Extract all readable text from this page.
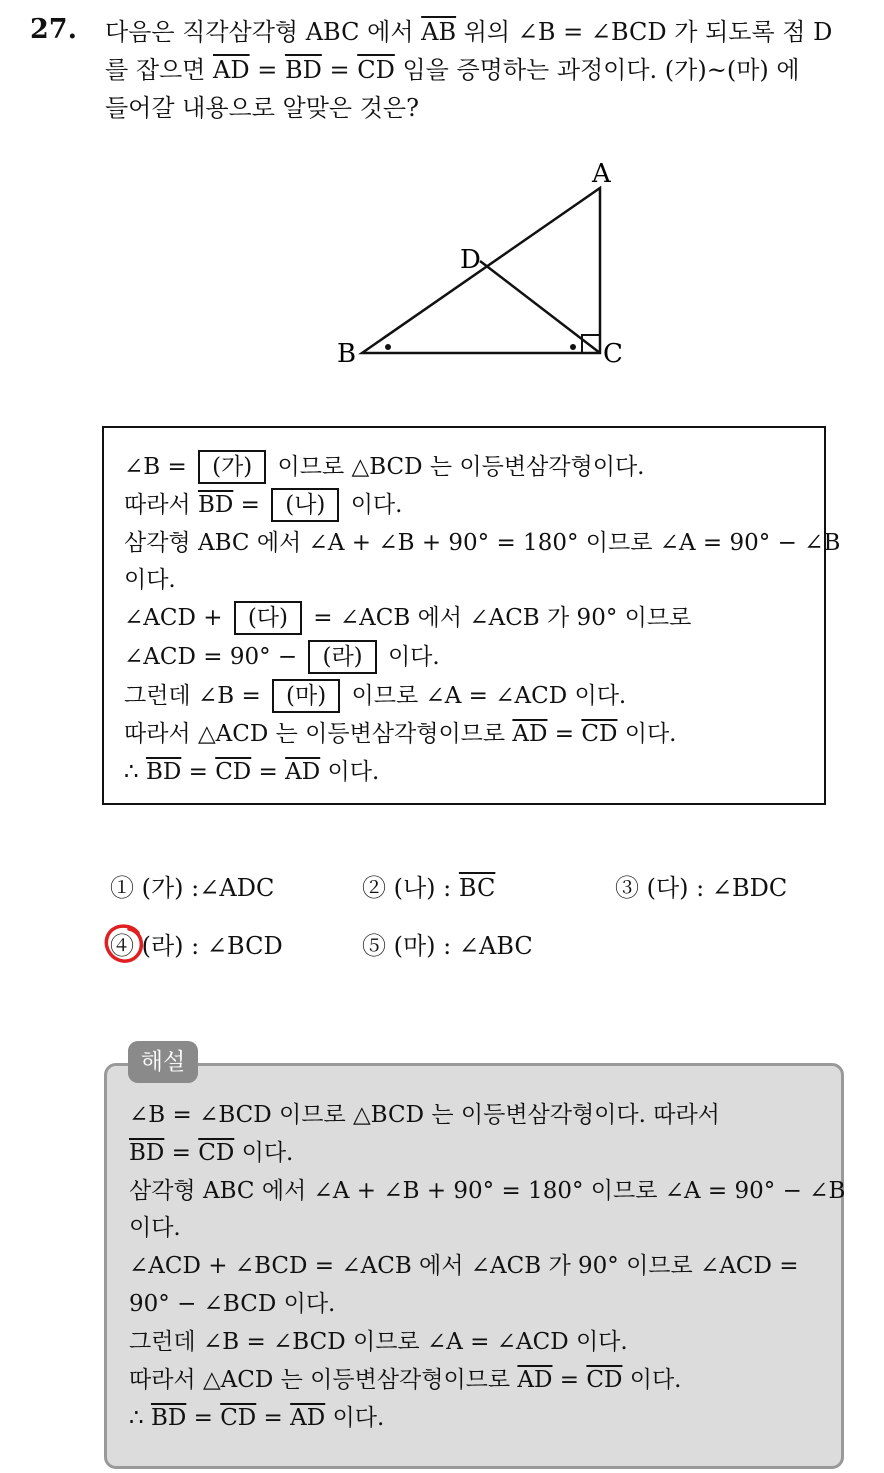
27. 다음은 직각삼각형 ABC 에서 $\overline{AB}$ 위의 ∠B = ∠BCD 가 되도록 점 D
를 잡으면 $\overline{AD} = \overline{BD} = \overline{CD}$ 임을 증명하는 과정이다. (가)~(마) 에
들어갈 내용으로 알맞은 것은?
A
D
B	C
∠B = (가) 이므로 △BCD 는 이등변삼각형이다.
따라서 $\overline{BD}$ = (나) 이다.
삼각형 ABC 에서 ∠A + ∠B + 90° = 180° 이므로 ∠A = 90° − ∠B
이다.
∠ACD + (다) = ∠ACB 에서 ∠ACB 가 90° 이므로
∠ACD = 90° − (라) 이다.
그런데 ∠B = (마) 이므로 ∠A = ∠ACD 이다.
따라서 △ACD 는 이등변삼각형이므로 $\overline{AD} = \overline{CD}$ 이다.
∴ $\overline{BD} = \overline{CD} = \overline{AD}$ 이다.
① (가) :∠ADC	② (나) : $\overline{BC}$	③ (다) : ∠BDC
④ (라) : ∠BCD	⑤ (마) : ∠ABC
∠B = ∠BCD 이므로 △BCD 는 이등변삼각형이다. 따라서
$\overline{BD} = \overline{CD}$ 이다.
삼각형 ABC 에서 ∠A + ∠B + 90° = 180° 이므로 ∠A = 90° − ∠B
이다.
∠ACD + ∠BCD = ∠ACB 에서 ∠ACB 가 90° 이므로 ∠ACD =
90° − ∠BCD 이다.
그런데 ∠B = ∠BCD 이므로 ∠A = ∠ACD 이다.
따라서 △ACD 는 이등변삼각형이므로 $\overline{AD} = \overline{CD}$ 이다.
∴ $\overline{BD} = \overline{CD} = \overline{AD}$ 이다.
해설
